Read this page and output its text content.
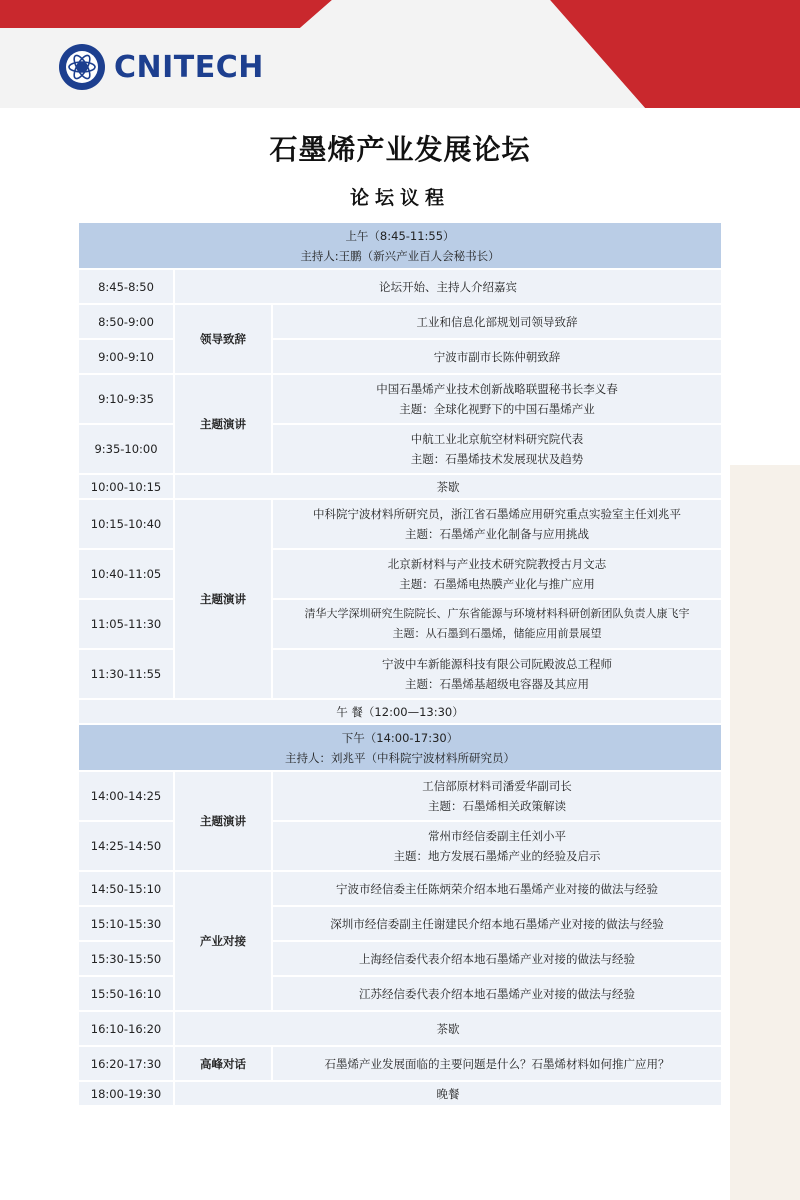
CNITECH
石墨烯产业发展论坛
论坛议程
上午（8:45-11:55）
主持人:王鹏（新兴产业百人会秘书长）		

8:45-8:50	论坛开始、主持人介绍嘉宾	
8:50-9:00	领导致辞	工业和信息化部规划司领导致辞
9:00-9:10		宁波市副市长陈仲朝致辞
9:10-9:35	主题演讲	中国石墨烯产业技术创新战略联盟秘书长李义春
主题：全球化视野下的中国石墨烯产业

9:35-10:00		中航工业北京航空材料研究院代表
主题：石墨烯技术发展现状及趋势

10:00-10:15	茶歇	
10:15-10:40	主题演讲	中科院宁波材料所研究员，浙江省石墨烯应用研究重点实验室主任刘兆平
主题：石墨烯产业化制备与应用挑战

10:40-11:05		北京新材料与产业技术研究院教授古月文志
主题：石墨烯电热膜产业化与推广应用

11:05-11:30		清华大学深圳研究生院院长、广东省能源与环境材料科研创新团队负责人康飞宇
主题：从石墨到石墨烯，储能应用前景展望

11:30-11:55		宁波中车新能源科技有限公司阮殿波总工程师
主题：石墨烯基超级电容器及其应用

午 餐（12:00—13:30）		

下午（14:00-17:30）
主持人：刘兆平（中科院宁波材料所研究员）		

14:00-14:25	主题演讲	工信部原材料司潘爱华副司长
主题：石墨烯相关政策解读

14:25-14:50		常州市经信委副主任刘小平
主题：地方发展石墨烯产业的经验及启示

14:50-15:10	产业对接	宁波市经信委主任陈炳荣介绍本地石墨烯产业对接的做法与经验
15:10-15:30		深圳市经信委副主任谢建民介绍本地石墨烯产业对接的做法与经验
15:30-15:50		上海经信委代表介绍本地石墨烯产业对接的做法与经验
15:50-16:10		江苏经信委代表介绍本地石墨烯产业对接的做法与经验
16:10-16:20	茶歇	
16:20-17:30	高峰对话	石墨烯产业发展面临的主要问题是什么？石墨烯材料如何推广应用？
18:00-19:30	晚餐	
